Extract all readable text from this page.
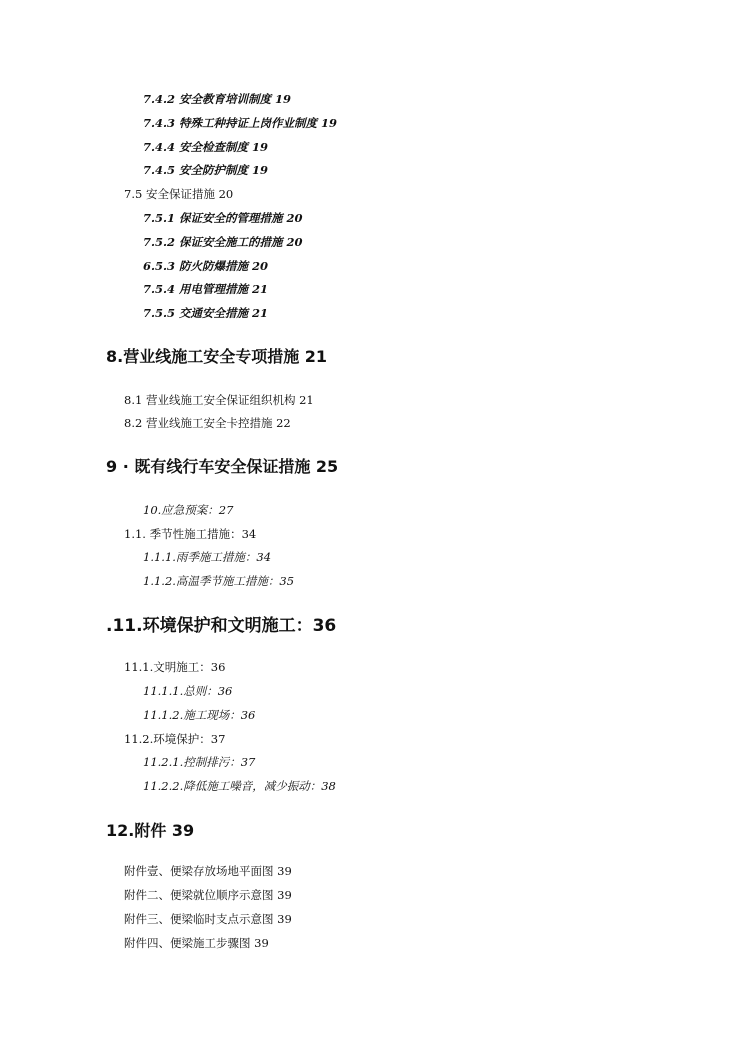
7.4.2 安全教育培训制度 19
7.4.3 特殊工种持证上岗作业制度 19
7.4.4 安全检查制度 19
7.4.5 安全防护制度 19
7.5 安全保证措施 20
7.5.1 保证安全的管理措施 20
7.5.2 保证安全施工的措施 20
6.5.3 防火防爆措施 20
7.5.4 用电管理措施 21
7.5.5 交通安全措施 21
8.营业线施工安全专项措施 21
8.1 营业线施工安全保证组织机构 21
8.2 营业线施工安全卡控措施 22
9 · 既有线行车安全保证措施 25
10.应急预案：27
1.1. 季节性施工措施：34
1.1.1.雨季施工措施：34
1.1.2.高温季节施工措施：35
.11.环境保护和文明施工：36
11.1.文明施工：36
11.1.1.总则：36
11.1.2.施工现场：36
11.2.环境保护：37
11.2.1.控制排污：37
11.2.2.降低施工噪音，减少振动：38
12.附件 39
附件壹、便梁存放场地平面图 39
附件二、便梁就位顺序示意图 39
附件三、便梁临时支点示意图 39
附件四、便梁施工步骤图 39
